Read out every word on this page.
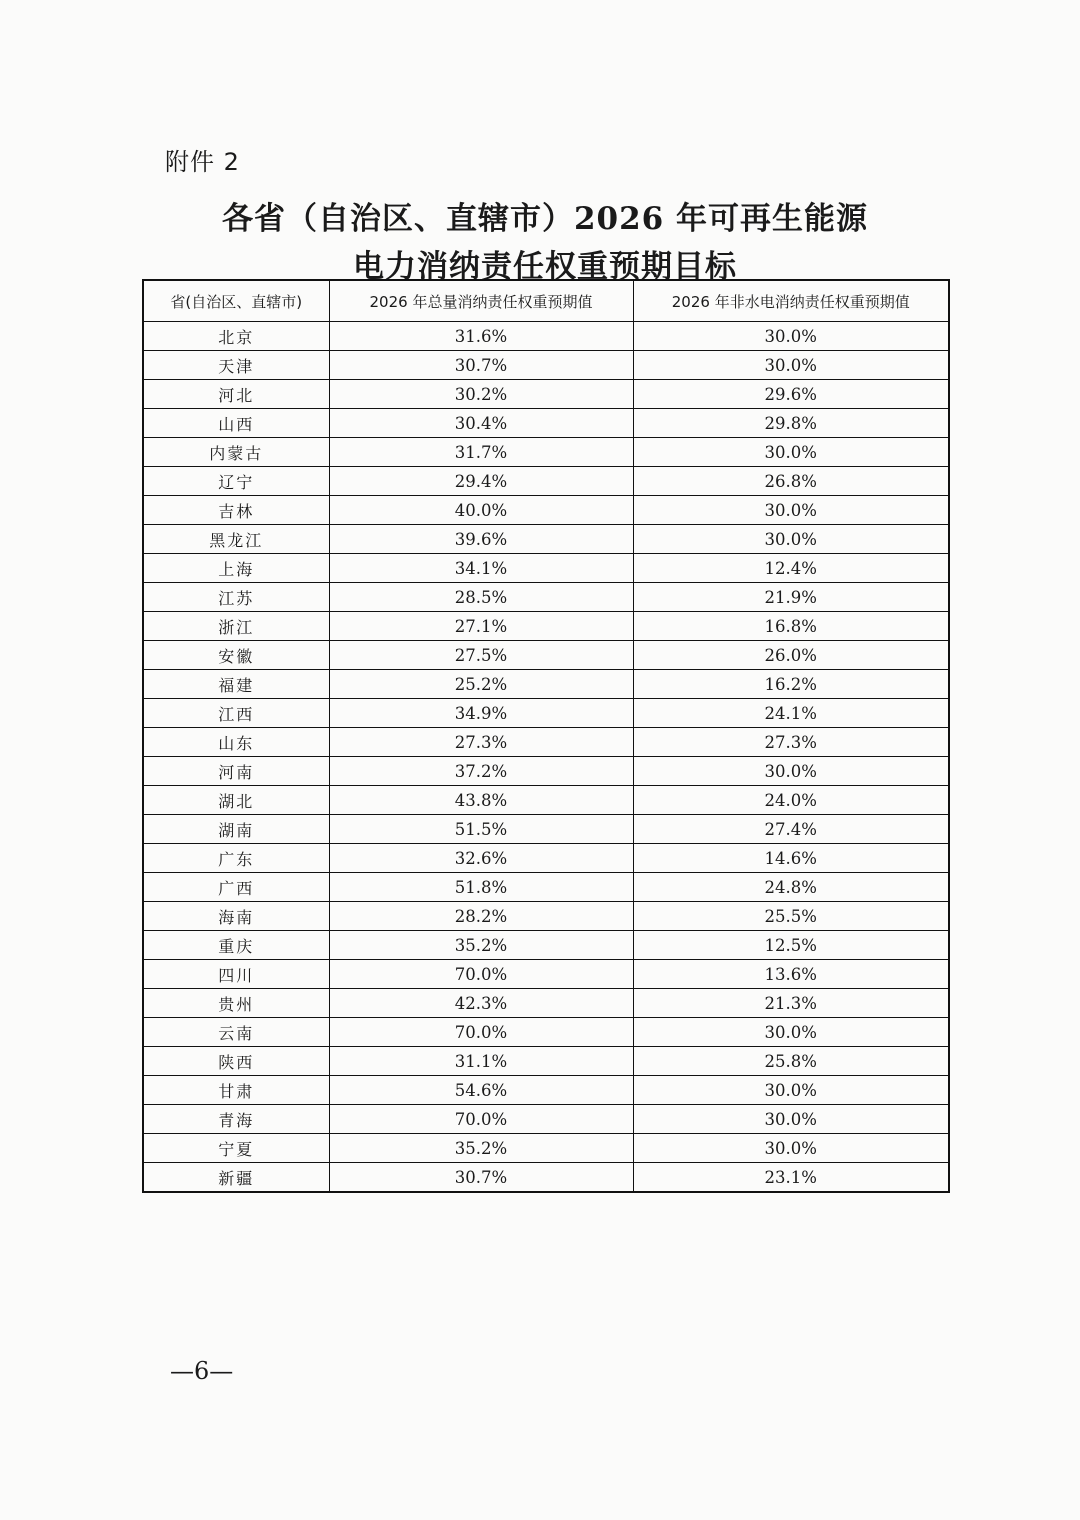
附件 2
各省（自治区、直辖市）2026 年可再生能源
电力消纳责任权重预期目标
省(自治区、直辖市)	2026 年总量消纳责任权重预期值	2026 年非水电消纳责任权重预期值
北京	31.6%	30.0%
天津	30.7%	30.0%
河北	30.2%	29.6%
山西	30.4%	29.8%
内蒙古	31.7%	30.0%
辽宁	29.4%	26.8%
吉林	40.0%	30.0%
黑龙江	39.6%	30.0%
上海	34.1%	12.4%
江苏	28.5%	21.9%
浙江	27.1%	16.8%
安徽	27.5%	26.0%
福建	25.2%	16.2%
江西	34.9%	24.1%
山东	27.3%	27.3%
河南	37.2%	30.0%
湖北	43.8%	24.0%
湖南	51.5%	27.4%
广东	32.6%	14.6%
广西	51.8%	24.8%
海南	28.2%	25.5%
重庆	35.2%	12.5%
四川	70.0%	13.6%
贵州	42.3%	21.3%
云南	70.0%	30.0%
陕西	31.1%	25.8%
甘肃	54.6%	30.0%
青海	70.0%	30.0%
宁夏	35.2%	30.0%
新疆	30.7%	23.1%
—6—
